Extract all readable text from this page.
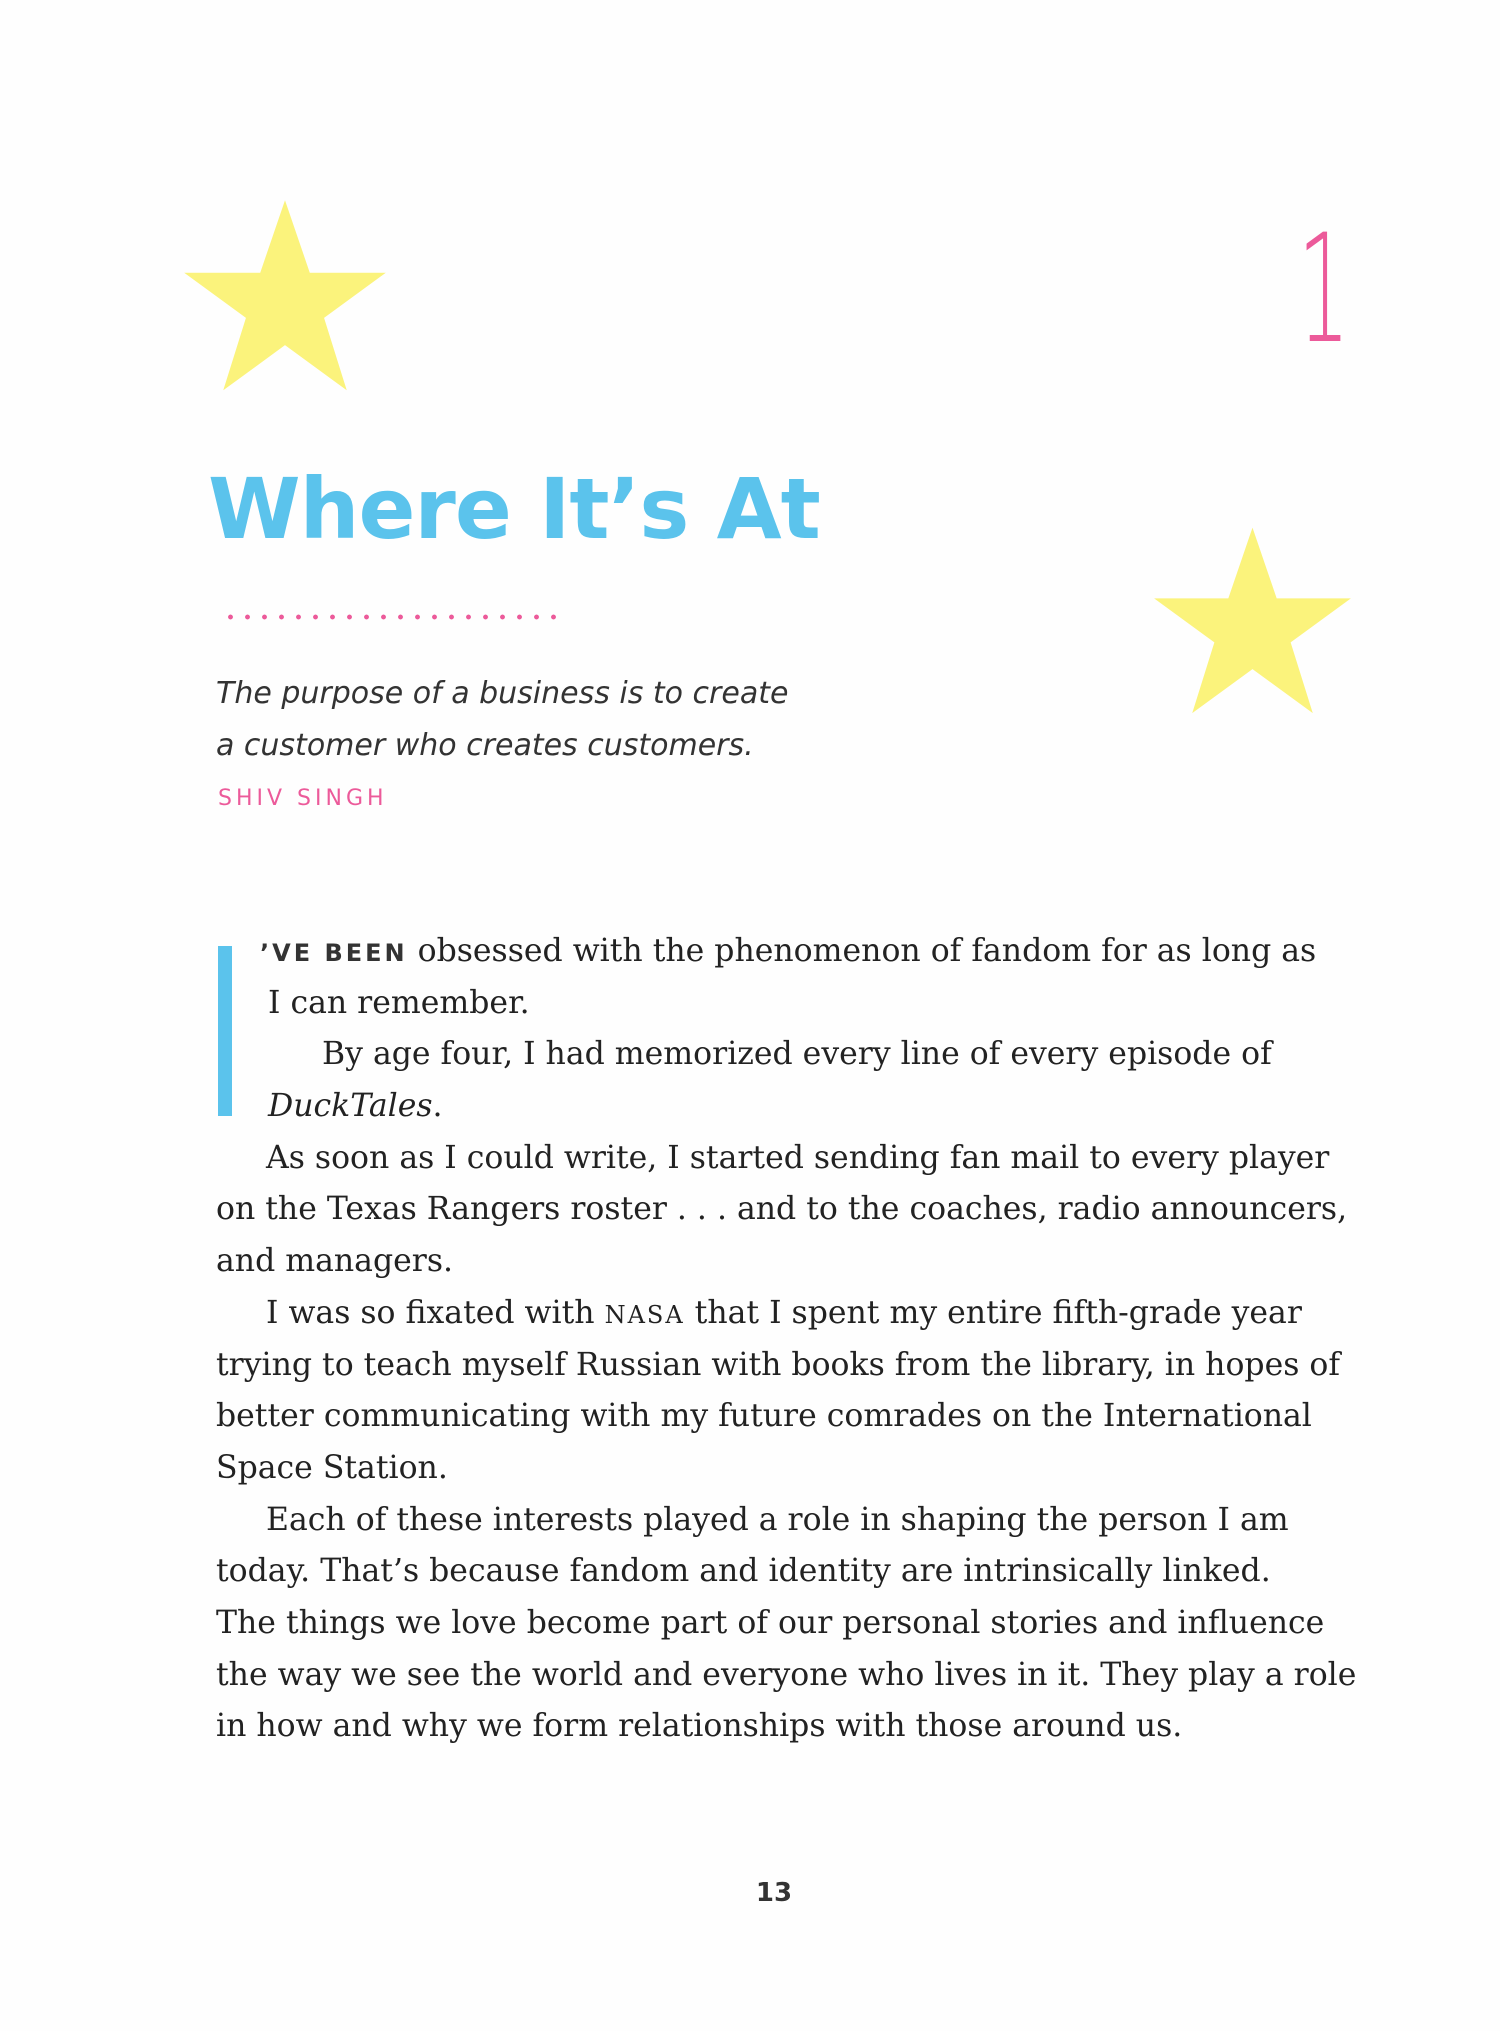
1
Where It’s At
The purpose of a business is to create
a customer who creates customers.
SHIV SINGH
’VE BEEN obsessed with the phenomenon of fandom for as long as
I can remember.
By age four, I had memorized every line of every episode of
DuckTales.
As soon as I could write, I started sending fan mail to every player
on the Texas Rangers roster . . . and to the coaches, radio announcers,
and managers.
I was so fixated with NASA that I spent my entire fifth-grade year
trying to teach myself Russian with books from the library, in hopes of
better communicating with my future comrades on the International
Space Station.
Each of these interests played a role in shaping the person I am
today. That’s because fandom and identity are intrinsically linked.
The things we love become part of our personal stories and influence
the way we see the world and everyone who lives in it. They play a role
in how and why we form relationships with those around us.
13
